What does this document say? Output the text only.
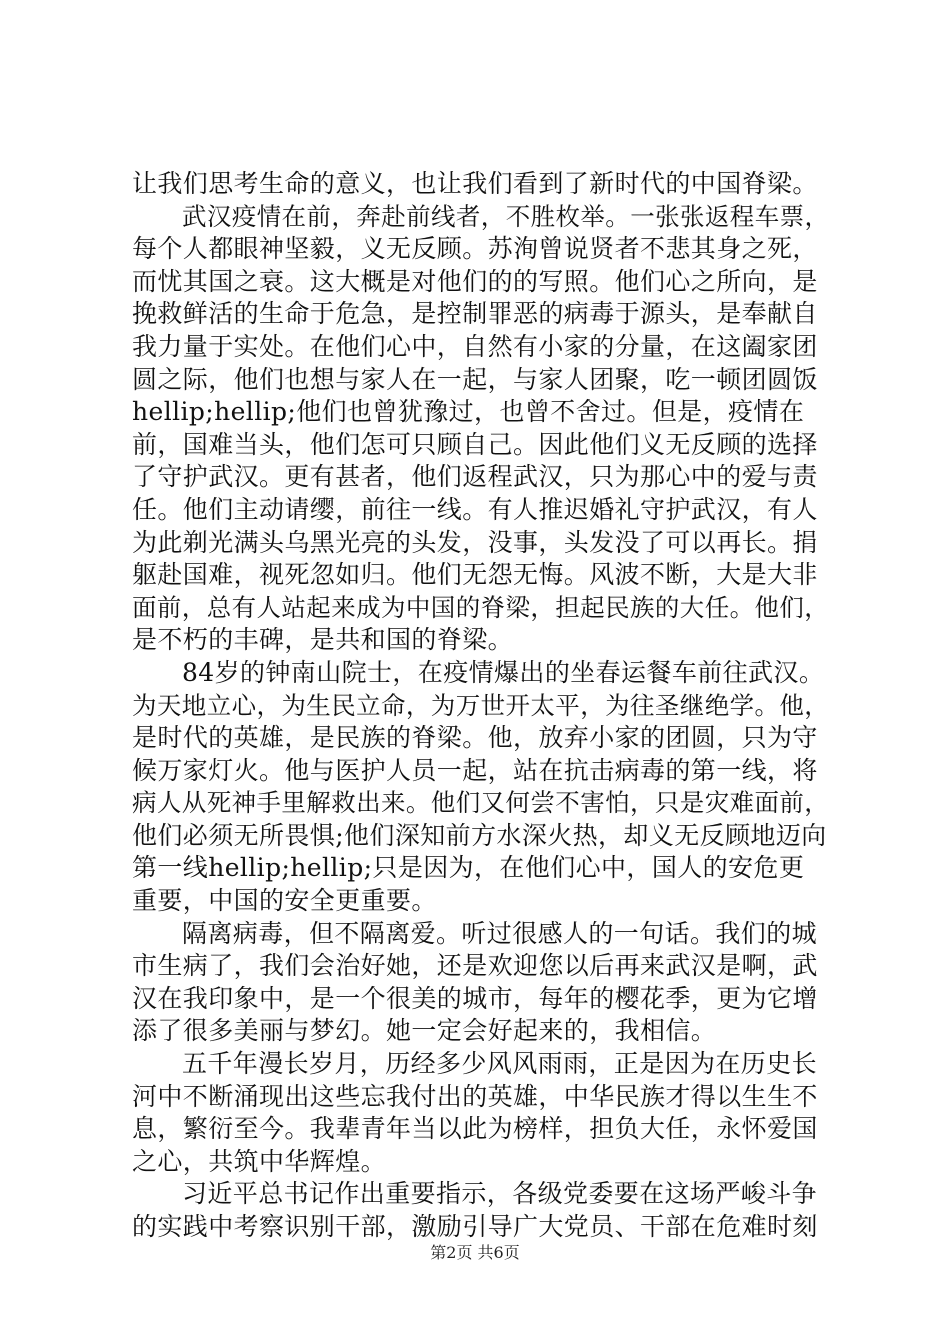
让我们思考生命的意义，也让我们看到了新时代的中国脊梁。
武汉疫情在前，奔赴前线者，不胜枚举。一张张返程车票，
每个人都眼神坚毅，义无反顾。苏洵曾说贤者不悲其身之死，
而忧其国之衰。这大概是对他们的的写照。他们心之所向，是
挽救鲜活的生命于危急，是控制罪恶的病毒于源头，是奉献自
我力量于实处。在他们心中，自然有小家的分量，在这阖家团
圆之际，他们也想与家人在一起，与家人团聚，吃一顿团圆饭
hellip;hellip;他们也曾犹豫过，也曾不舍过。但是，疫情在
前，国难当头，他们怎可只顾自己。因此他们义无反顾的选择
了守护武汉。更有甚者，他们返程武汉，只为那心中的爱与责
任。他们主动请缨，前往一线。有人推迟婚礼守护武汉，有人
为此剃光满头乌黑光亮的头发，没事，头发没了可以再长。捐
躯赴国难，视死忽如归。他们无怨无悔。风波不断，大是大非
面前，总有人站起来成为中国的脊梁，担起民族的大任。他们，
是不朽的丰碑，是共和国的脊梁。
84岁的钟南山院士，在疫情爆出的坐春运餐车前往武汉。
为天地立心，为生民立命，为万世开太平，为往圣继绝学。他，
是时代的英雄，是民族的脊梁。他，放弃小家的团圆，只为守
候万家灯火。他与医护人员一起，站在抗击病毒的第一线，将
病人从死神手里解救出来。他们又何尝不害怕，只是灾难面前，
他们必须无所畏惧;他们深知前方水深火热，却义无反顾地迈向
第一线hellip;hellip;只是因为，在他们心中，国人的安危更
重要，中国的安全更重要。
隔离病毒，但不隔离爱。听过很感人的一句话。我们的城
市生病了，我们会治好她，还是欢迎您以后再来武汉是啊，武
汉在我印象中，是一个很美的城市，每年的樱花季，更为它增
添了很多美丽与梦幻。她一定会好起来的，我相信。
五千年漫长岁月，历经多少风风雨雨，正是因为在历史长
河中不断涌现出这些忘我付出的英雄，中华民族才得以生生不
息，繁衍至今。我辈青年当以此为榜样，担负大任，永怀爱国
之心，共筑中华辉煌。
习近平总书记作出重要指示，各级党委要在这场严峻斗争
的实践中考察识别干部，激励引导广大党员、干部在危难时刻
第2页 共6页
